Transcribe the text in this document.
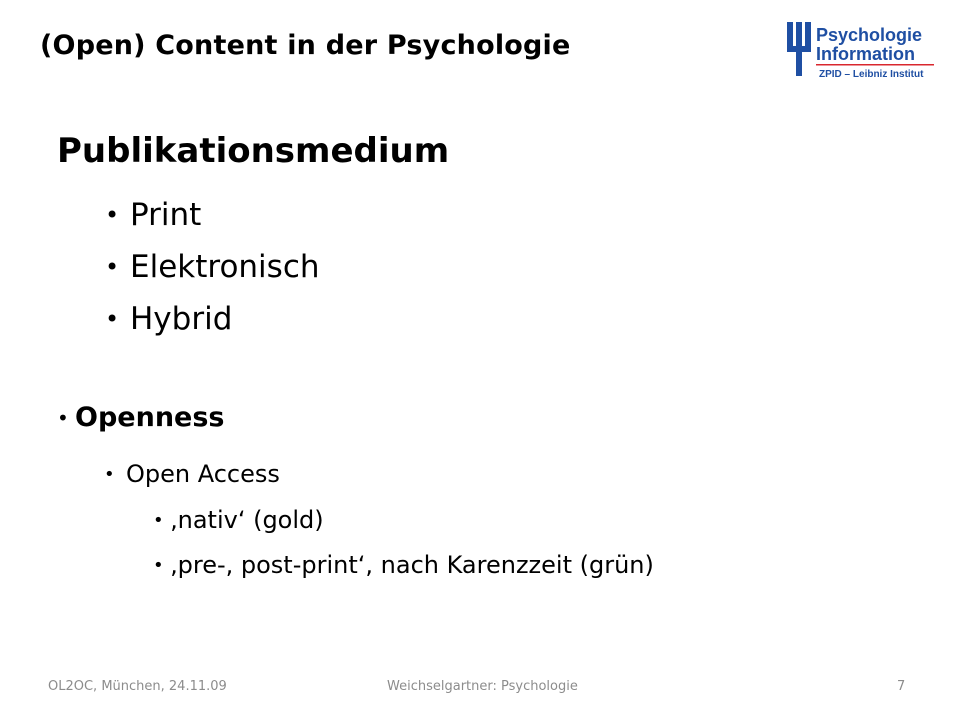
(Open) Content in der Psychologie	Psychologie
Information
ZPID – Leibniz Institut
Publikationsmedium
• Print
• Elektronisch
• Hybrid
• Openness
• Open Access
• ‚nativ‘ (gold)
• ‚pre-, post-print‘, nach Karenzzeit (grün)
OL2OC, München, 24.11.09	Weichselgartner: Psychologie	7
